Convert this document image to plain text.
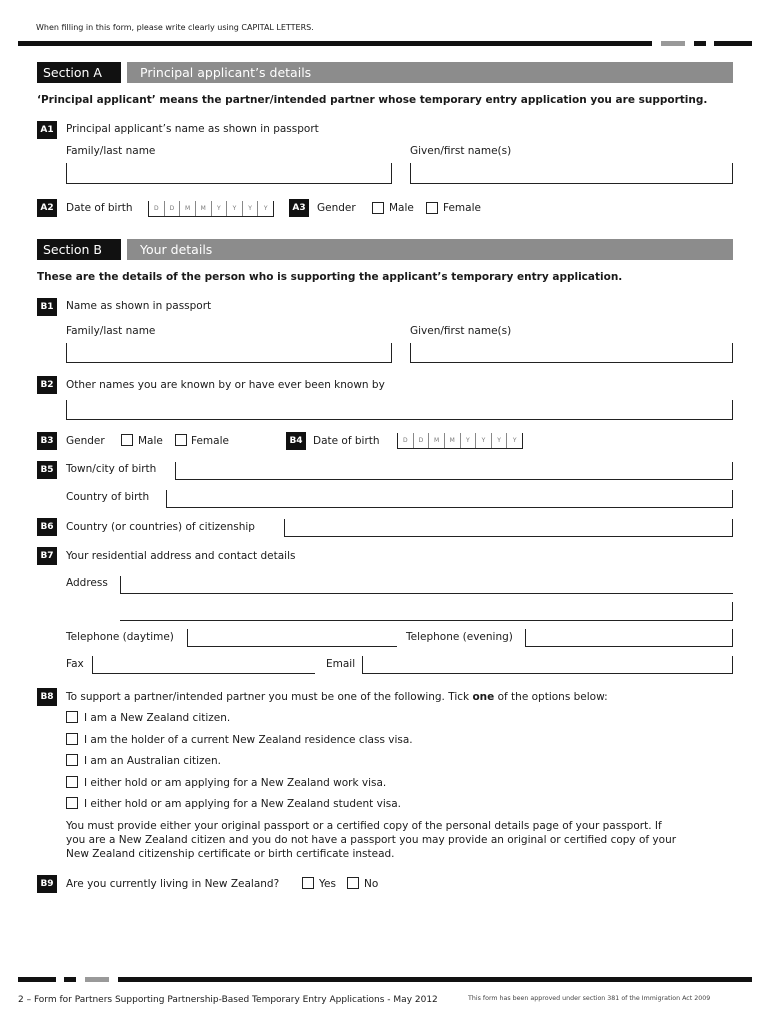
When filling in this form, please write clearly using CAPITAL LETTERS.
Section A	Principal applicant’s details
‘Principal applicant’ means the partner/intended partner whose temporary entry application you are supporting.
A1	Principal applicant’s name as shown in passport
Family/last name	Given/first name(s)
A2	Date of birth	D	D	M	M	Y	Y	Y	Y	A3	Gender	Male	Female
Section B	Your details
These are the details of the person who is supporting the applicant’s temporary entry application.
B1	Name as shown in passport
Family/last name	Given/first name(s)
B2	Other names you are known by or have ever been known by
B3	Gender	Male	Female	B4 Date of birth	D	D	M	M	Y	Y	Y	Y
B5	Town/city of birth
Country of birth
B6	Country (or countries) of citizenship
B7	Your residential address and contact details
Address
Telephone (daytime)	Telephone (evening)
Fax	Email
B8	To support a partner/intended partner you must be one of the following. Tick one of the options below:
I am a New Zealand citizen.
I am the holder of a current New Zealand residence class visa.
I am an Australian citizen.
I either hold or am applying for a New Zealand work visa.
I either hold or am applying for a New Zealand student visa.
You must provide either your original passport or a certified copy of the personal details page of your passport. If
you are a New Zealand citizen and you do not have a passport you may provide an original or certified copy of your
New Zealand citizenship certificate or birth certificate instead.
B9	Are you currently living in New Zealand?	Yes	No
2 – Form for Partners Supporting Partnership-Based Temporary Entry Applications - May 2012	This form has been approved under section 381 of the Immigration Act 2009
